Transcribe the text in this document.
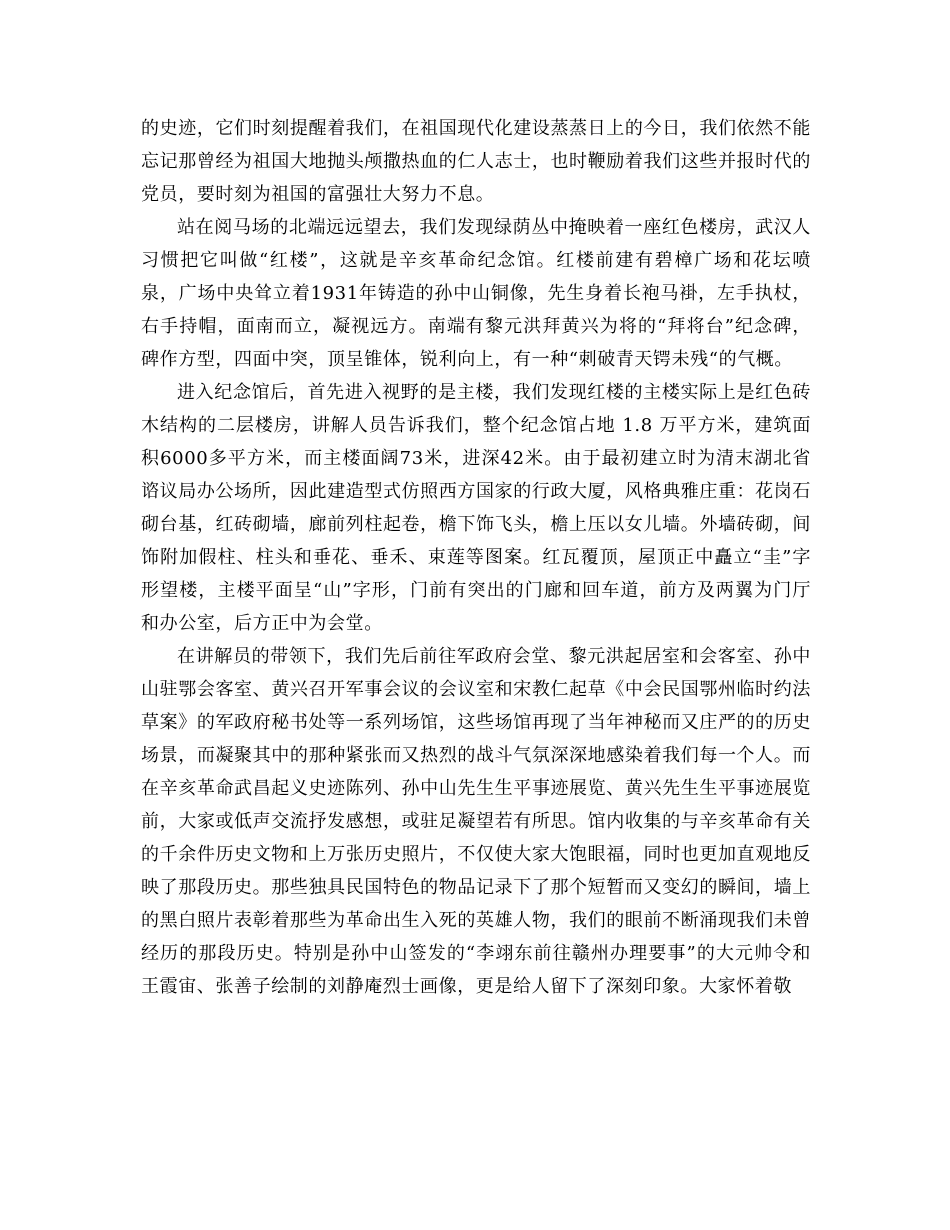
的史迹，它们时刻提醒着我们，在祖国现代化建设蒸蒸日上的今日，我们依然不能忘记那曾经为祖国大地抛头颅撒热血的仁人志士，也时鞭励着我们这些并报时代的党员，要时刻为祖国的富强壮大努力不息。

站在阅马场的北端远远望去，我们发现绿荫丛中掩映着一座红色楼房，武汉人习惯把它叫做“红楼”，这就是辛亥革命纪念馆。红楼前建有碧樟广场和花坛喷泉，广场中央耸立着1931年铸造的孙中山铜像，先生身着长袍马褂，左手执杖，右手持帽，面南而立，凝视远方。南端有黎元洪拜黄兴为将的“拜将台”纪念碑，碑作方型，四面中突，顶呈锥体，锐利向上，有一种“刺破青天锷未残“的气概。

进入纪念馆后，首先进入视野的是主楼，我们发现红楼的主楼实际上是红色砖木结构的二层楼房，讲解人员告诉我们，整个纪念馆占地 1.8 万平方米，建筑面积6000多平方米，而主楼面阔73米，进深42米。由于最初建立时为清末湖北省谘议局办公场所，因此建造型式仿照西方国家的行政大厦，风格典雅庄重：花岗石砌台基，红砖砌墙，廊前列柱起卷，檐下饰飞头，檐上压以女儿墙。外墙砖砌，间饰附加假柱、柱头和垂花、垂禾、束莲等图案。红瓦覆顶，屋顶正中矗立“圭”字形望楼，主楼平面呈“山”字形，门前有突出的门廊和回车道，前方及两翼为门厅和办公室，后方正中为会堂。

在讲解员的带领下，我们先后前往军政府会堂、黎元洪起居室和会客室、孙中山驻鄂会客室、黄兴召开军事会议的会议室和宋教仁起草《中会民国鄂州临时约法草案》的军政府秘书处等一系列场馆，这些场馆再现了当年神秘而又庄严的的历史场景，而凝聚其中的那种紧张而又热烈的战斗气氛深深地感染着我们每一个人。而在辛亥革命武昌起义史迹陈列、孙中山先生生平事迹展览、黄兴先生生平事迹展览前，大家或低声交流抒发感想，或驻足凝望若有所思。馆内收集的与辛亥革命有关的千余件历史文物和上万张历史照片，不仅使大家大饱眼福，同时也更加直观地反映了那段历史。那些独具民国特色的物品记录下了那个短暂而又变幻的瞬间，墙上的黑白照片表彰着那些为革命出生入死的英雄人物，我们的眼前不断涌现我们未曾经历的那段历史。特别是孙中山签发的“李翊东前往赣州办理要事”的大元帅令和王霞宙、张善子绘制的刘静庵烈士画像，更是给人留下了深刻印象。大家怀着敬
